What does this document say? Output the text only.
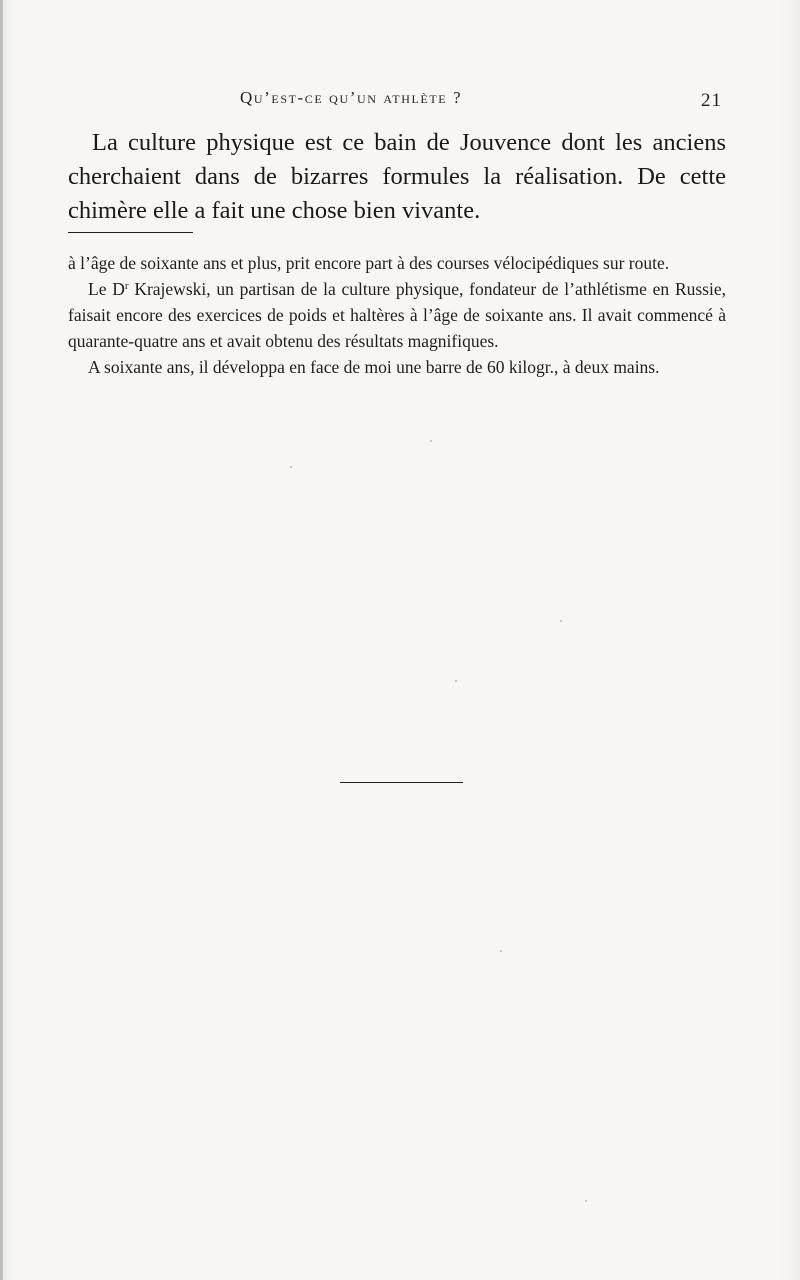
Qu’est-ce qu’un athlète ?	21

La culture physique est ce bain de Jouvence dont les anciens cherchaient dans de bizarres formules la réalisation. De cette chimère elle a fait une chose bien vivante.

à l’âge de soixante ans et plus, prit encore part à des courses vélocipédiques sur route.

Le $D^r$ Krajewski, un partisan de la culture physique, fondateur de l’athlétisme en Russie, faisait encore des exercices de poids et haltères à l’âge de soixante ans. Il avait commencé à quarante-quatre ans et avait obtenu des résultats magnifiques.

A soixante ans, il développa en face de moi une barre de 60 kilogr., à deux mains.
